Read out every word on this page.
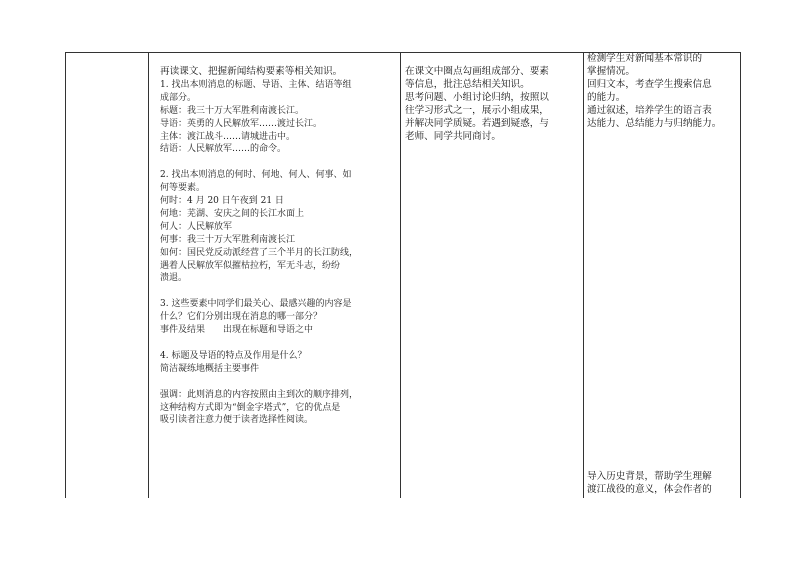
再读课文、把握新闻结构要素等相关知识。

1. 找出本则消息的标题、导语、主体、结语等组

成部分。

标题：我三十万大军胜利南渡长江。

导语：英勇的人民解放军……渡过长江。

主体：渡江战斗……请城进击中。

结语：人民解放军……的命令。

2. 找出本则消息的何时、何地、何人、何事、如

何等要素。

何时：4 月 20 日午夜到 21 日

何地：芜湖、安庆之间的长江水面上

何人：人民解放军

何事：我三十万大军胜利南渡长江

如何：国民党反动派经营了三个半月的长江防线，

遇着人民解放军似摧枯拉朽，军无斗志，纷纷

溃退。

3. 这些要素中同学们最关心、最感兴趣的内容是

什么？它们分别出现在消息的哪一部分？

事件及结果　　出现在标题和导语之中

4. 标题及导语的特点及作用是什么？

简洁凝练地概括主要事件

强调：此则消息的内容按照由主到次的顺序排列，

这种结构方式即为“倒金字塔式”，它的优点是

吸引读者注意力便于读者选择性阅读。

在课文中圈点勾画组成部分、要素

等信息，批注总结相关知识。

思考问题、小组讨论归纳，按照以

往学习形式之一，展示小组成果，

并解决同学质疑。若遇到疑惑，与

老师、同学共同商讨。

检测学生对新闻基本常识的

掌握情况。

回归文本，考查学生搜索信息

的能力。

通过叙述，培养学生的语言表

达能力、总结能力与归纳能力。

导入历史背景，帮助学生理解

渡江战役的意义，体会作者的
